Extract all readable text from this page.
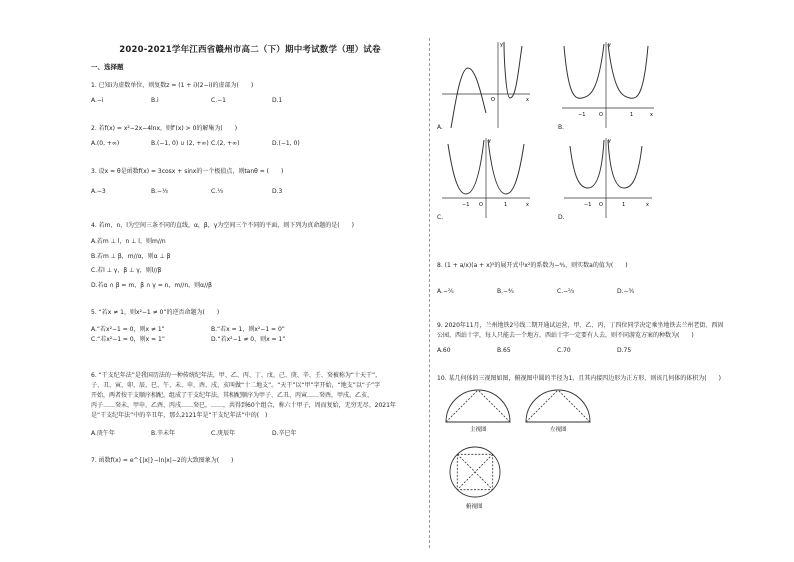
2020-2021学年江西省赣州市高二（下）期中考试数学（理）试卷
一、选择题
1. 已知i为虚数单位，则复数z = (1 + i)(2−i)的虚部为(　　)
A.−i	B.i	C.−1	D.1
2. 若f(x) = x²−2x−4lnx，则f′(x) > 0的解集为(　　)
A.(0, +∞)	B.(−1, 0) ∪ (2, +∞) C.(2, +∞)	D.(−1, 0)
3. 设x = θ是函数f(x) = 3cosx + sinx的一个极值点，则tanθ = (　　)
A.−3	B.−⅓	C.⅓	D.3
4. 若m，n，l为空间三条不同的直线，α，β，γ为空间三个不同的平面，则下列为真命题的是(　　)
A.若m ⊥ l，n ⊥ l，则m//n
B.若m ⊥ β，m//α，则α ⊥ β
C.若l ⊥ γ，β ⊥ γ，则l//β
D.若α ∩ β = m，β ∩ γ = n，m//n，则α//β
5. “若x ≠ 1，则x²−1 ≠ 0”的逆否命题为(　　)
A.“若x²−1 = 0，则x ≠ 1”	B.“若x = 1，则x²−1 = 0”
C.“若x²−1 = 0，则x = 1”	D.“若x²−1 ≠ 0，则x = 1”
6. “干支纪年法”是我国历法的一种传统纪年法，甲、乙、丙、丁、戊、己、庚、辛、壬、癸被称为“十天干”，
子、丑、寅、卯、辰、巳、午、未、申、酉、戌、亥叫做“十二地支”。“天干”以“甲”字开始，“地支”以“子”字
开始，两者按干支顺序相配，组成了干支纪年法，其相配顺序为甲子、乙丑、丙寅……癸酉，甲戌、乙亥、
丙子……癸未，甲申、乙酉、丙戌……癸巳，……，共得到60个组合，称六十甲子，周而复始，无穷无尽。2021年
是“干支纪年法”中的辛丑年，那么2121年是“干支纪年法”中的(　)
A.庚午年	B.辛未年	C.庚辰年	D.辛巳年
7. 函数f(x) = e^{|x|}−ln|x|−2的大致图象为(　　)
O	x
y
A.
−1	1
O	x
y
B.
−1	1
O	x
y
C.
−1	1
O	x
y
D.
8. (1 + a/x)(a + x)⁵的展开式中x²的系数为−⅘，则实数a的值为(　　)
A.−⅖	B.−⅘	C.−⅔	D.−⅗
9. 2020年11月，兰州地铁2号线二期开通试运营，甲、乙、丙、丁四位同学决定乘坐地铁去兰州老街、西固
公园、西站十字，每人只能去一个地方，西站十字一定要有人去，则不同游览方案的种数为(　　)
A.60	B.65	C.70	D.75
10. 某几何体的三视图如图，俯视图中圆的半径为1，且其内接四边形为正方形，则该几何体的体积为(　　)
主视图	左视图
俯视图
